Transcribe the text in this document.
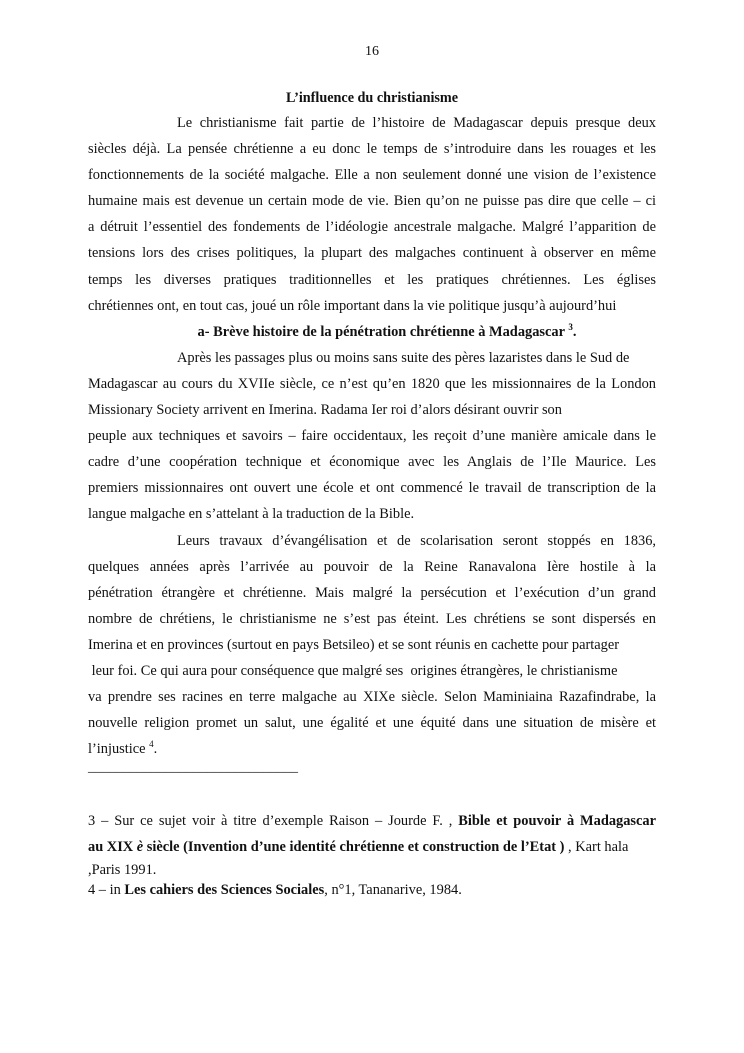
16
L’influence du christianisme
Le christianisme fait partie de l’histoire de Madagascar depuis presque deux
siècles déjà. La pensée chrétienne a eu donc le temps de s’introduire dans les rouages et les
fonctionnements de la société malgache. Elle a non seulement donné une vision de l’existence
humaine mais est devenue un certain mode de vie. Bien qu’on ne puisse pas dire que celle – ci
a détruit l’essentiel des fondements de l’idéologie ancestrale malgache. Malgré l’apparition de
tensions lors des crises politiques, la plupart des malgaches continuent à observer en même
temps les diverses pratiques traditionnelles et les pratiques chrétiennes. Les églises
chrétiennes ont, en tout cas, joué un rôle important dans la vie politique jusqu’à aujourd’hui
a- Brève histoire de la pénétration chrétienne à Madagascar $^3$.
Après les passages plus ou moins sans suite des pères lazaristes dans le Sud de
Madagascar au cours du XVIIe siècle, ce n’est qu’en 1820 que les missionnaires de la London
Missionary Society arrivent en Imerina. Radama Ier roi d’alors désirant ouvrir son
peuple aux techniques et savoirs – faire occidentaux, les reçoit d’une manière amicale dans le
cadre d’une coopération technique et économique avec les Anglais de l’Ile Maurice. Les
premiers missionnaires ont ouvert une école et ont commencé le travail de transcription de la
langue malgache en s’attelant à la traduction de la Bible.
Leurs travaux d’évangélisation et de scolarisation seront stoppés en 1836,
quelques années après l’arrivée au pouvoir de la Reine Ranavalona Ière hostile à la
pénétration étrangère et chrétienne. Mais malgré la persécution et l’exécution d’un grand
nombre de chrétiens, le christianisme ne s’est pas éteint. Les chrétiens se sont dispersés en
Imerina et en provinces (surtout en pays Betsileo) et se sont réunis en cachette pour partager
leur foi. Ce qui aura pour conséquence que malgré ses  origines étrangères, le christianisme
va prendre ses racines en terre malgache au XIXe siècle. Selon Maminiaina Razafindrabe, la
nouvelle religion promet un salut, une égalité et une équité dans une situation de misère et
l’injustice $^4$.
______________________________
3 – Sur ce sujet voir à titre d’exemple Raison – Jourde F. , Bible et pouvoir à Madagascar
au XIX è siècle (Invention d’une identité chrétienne et construction de l’Etat ) , Kart hala
,Paris 1991.
4 – in Les cahiers des Sciences Sociales, n°1, Tananarive, 1984.
